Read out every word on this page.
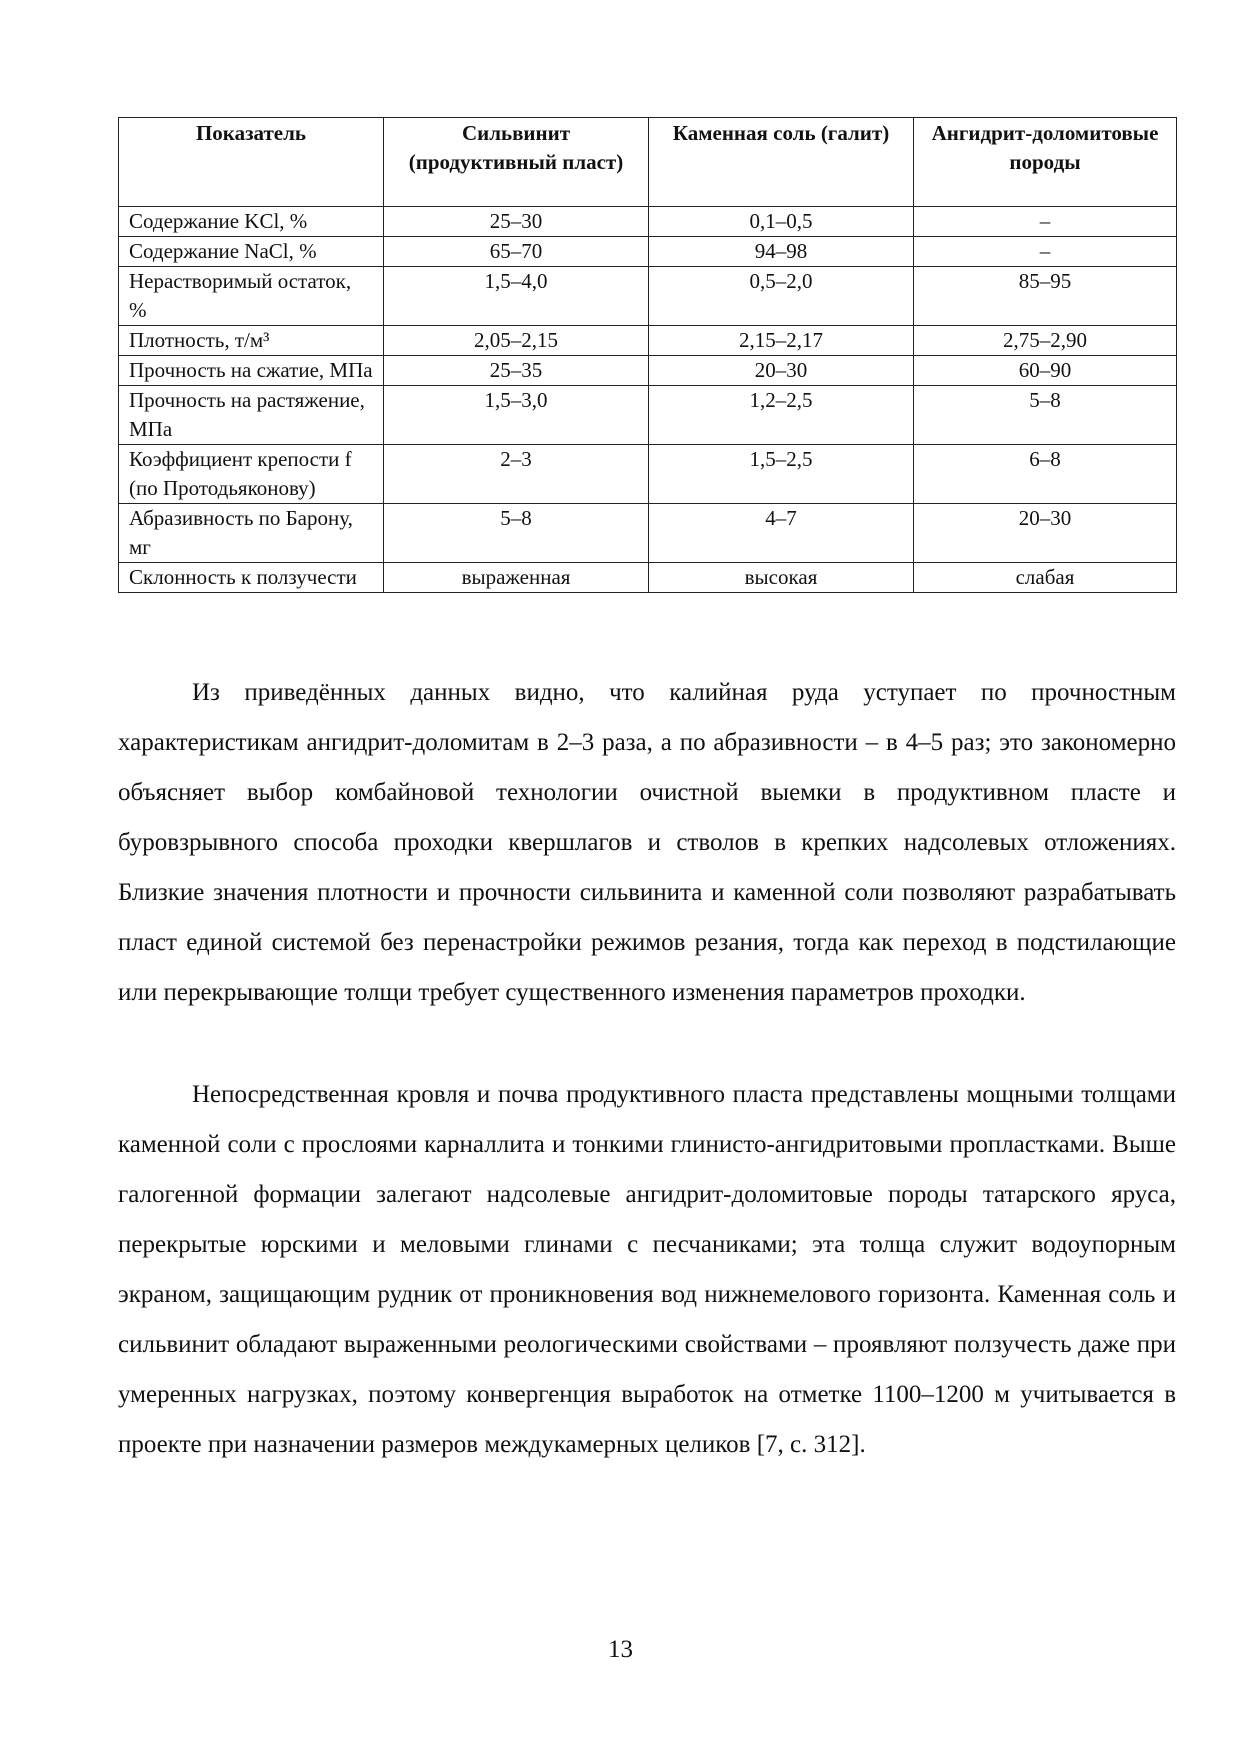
Показатель	Сильвинит (продуктивный пласт)	Каменная соль (галит)	Ангидрит-доломитовые породы
Содержание KCl, %	25–30	0,1–0,5	–
Содержание NaCl, %	65–70	94–98	–
Нерастворимый остаток, %	1,5–4,0	0,5–2,0	85–95
Плотность, т/м³	2,05–2,15	2,15–2,17	2,75–2,90
Прочность на сжатие, МПа	25–35	20–30	60–90
Прочность на растяжение, МПа	1,5–3,0	1,2–2,5	5–8
Коэффициент крепости f (по Протодьяконову)	2–3	1,5–2,5	6–8
Абразивность по Барону, мг	5–8	4–7	20–30
Склонность к ползучести	выраженная	высокая	слабая

Из приведённых данных видно, что калийная руда уступает по прочностным характеристикам ангидрит-доломитам в 2–3 раза, а по абразивности – в 4–5 раз; это закономерно объясняет выбор комбайновой технологии очистной выемки в продуктивном пласте и буровзрывного способа проходки квершлагов и стволов в крепких надсолевых отложениях. Близкие значения плотности и прочности сильвинита и каменной соли позволяют разрабатывать пласт единой системой без перенастройки режимов резания, тогда как переход в подстилающие или перекрывающие толщи требует существенного изменения параметров проходки.

Непосредственная кровля и почва продуктивного пласта представлены мощными толщами каменной соли с прослоями карналлита и тонкими глинисто-ангидритовыми пропластками. Выше галогенной формации залегают надсолевые ангидрит-доломитовые породы татарского яруса, перекрытые юрскими и меловыми глинами с песчаниками; эта толща служит водоупорным экраном, защищающим рудник от проникновения вод нижнемелового горизонта. Каменная соль и сильвинит обладают выраженными реологическими свойствами – проявляют ползучесть даже при умеренных нагрузках, поэтому конвергенция выработок на отметке 1100–1200 м учитывается в проекте при назначении размеров междукамерных целиков [7, с. 312].

13
